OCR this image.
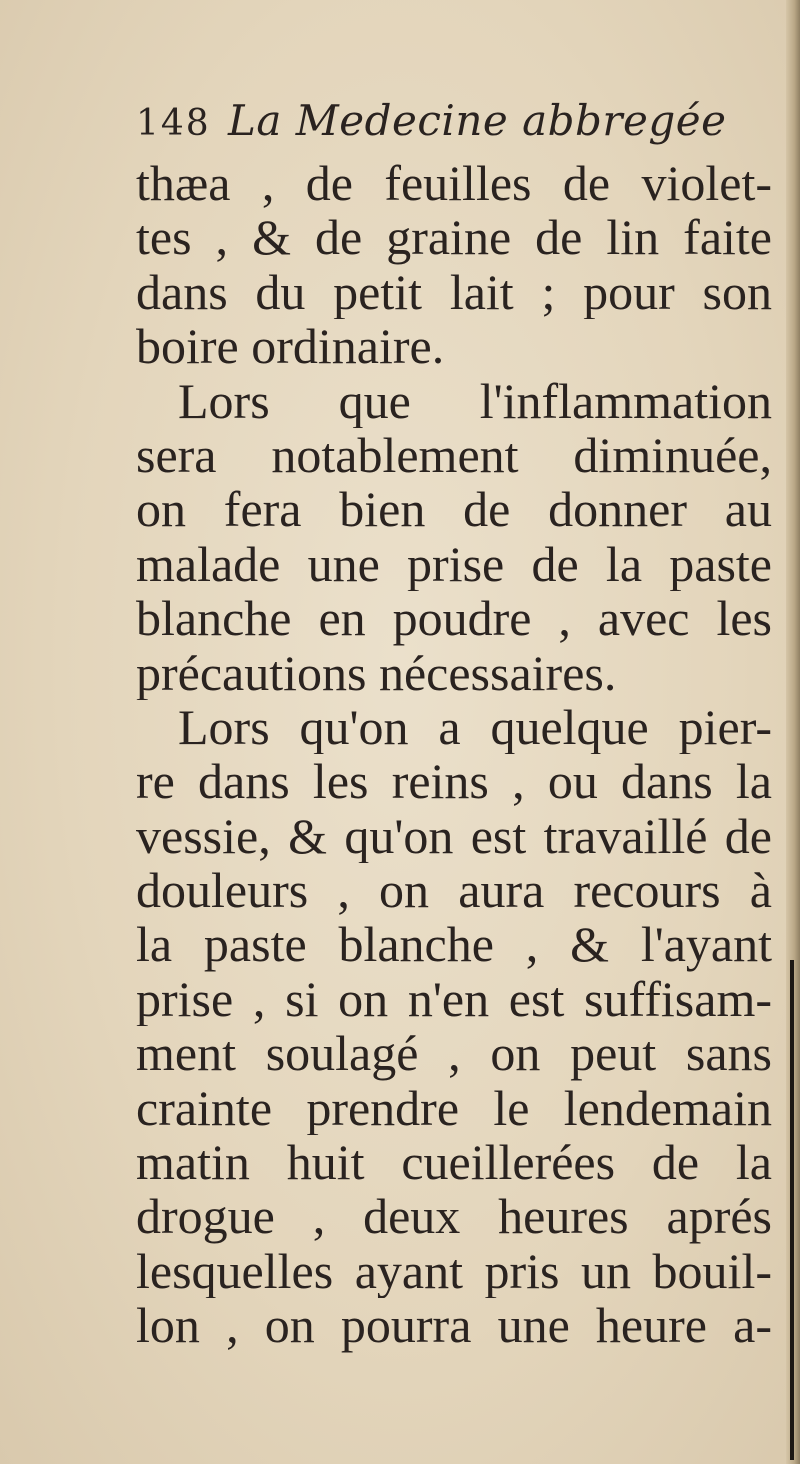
148 La Medecine abbregée
thæa , de feuilles de violet-
tes , & de graine de lin faite
dans du petit lait ; pour son
boire ordinaire.
Lors que l'inflammation
sera notablement diminuée,
on fera bien de donner au
malade une prise de la paste
blanche en poudre , avec les
précautions nécessaires.
Lors qu'on a quelque pier-
re dans les reins , ou dans la
vessie, & qu'on est travaillé de
douleurs , on aura recours à
la paste blanche , & l'ayant
prise , si on n'en est suffisam-
ment soulagé , on peut sans
crainte prendre le lendemain
matin huit cueillerées de la
drogue , deux heures aprés
lesquelles ayant pris un bouil-
lon , on pourra une heure a-
